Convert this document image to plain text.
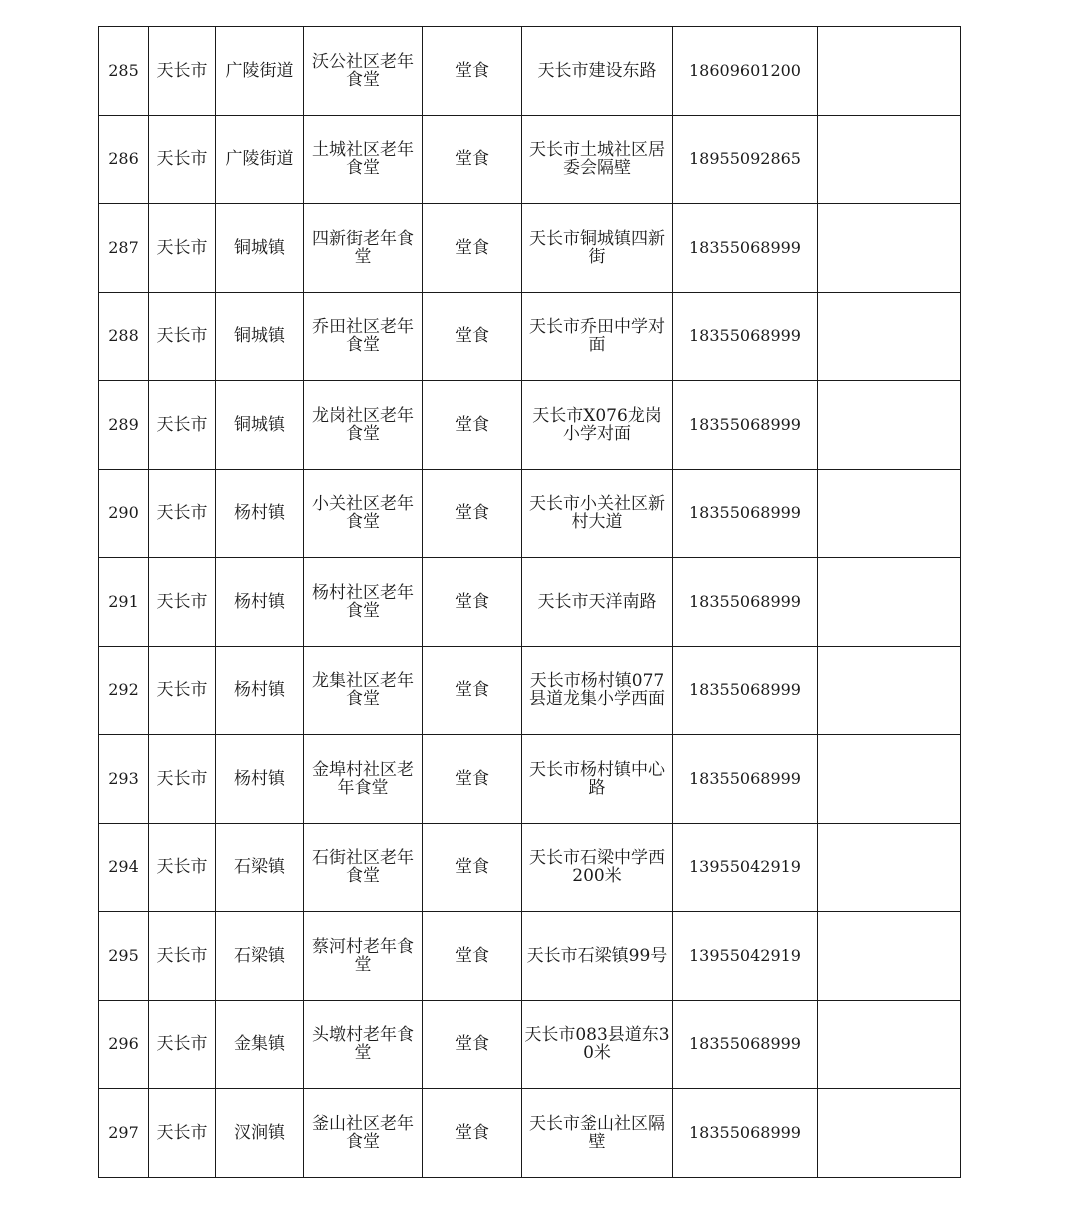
285	天长市	广陵街道	沃公社区老年食堂	堂食	天长市建设东路	18609601200	
286	天长市	广陵街道	土城社区老年食堂	堂食	天长市土城社区居委会隔壁	18955092865	
287	天长市	铜城镇	四新街老年食堂	堂食	天长市铜城镇四新街	18355068999	
288	天长市	铜城镇	乔田社区老年食堂	堂食	天长市乔田中学对面	18355068999	
289	天长市	铜城镇	龙岗社区老年食堂	堂食	天长市X076龙岗小学对面	18355068999	
290	天长市	杨村镇	小关社区老年食堂	堂食	天长市小关社区新村大道	18355068999	
291	天长市	杨村镇	杨村社区老年食堂	堂食	天长市天洋南路	18355068999	
292	天长市	杨村镇	龙集社区老年食堂	堂食	天长市杨村镇077县道龙集小学西面	18355068999	
293	天长市	杨村镇	金埠村社区老年食堂	堂食	天长市杨村镇中心路	18355068999	
294	天长市	石梁镇	石街社区老年食堂	堂食	天长市石梁中学西200米	13955042919	
295	天长市	石梁镇	蔡河村老年食堂	堂食	天长市石梁镇99号	13955042919	
296	天长市	金集镇	头墩村老年食堂	堂食	天长市083县道东30米	18355068999	
297	天长市	汊涧镇	釜山社区老年食堂	堂食	天长市釜山社区隔壁	18355068999	
